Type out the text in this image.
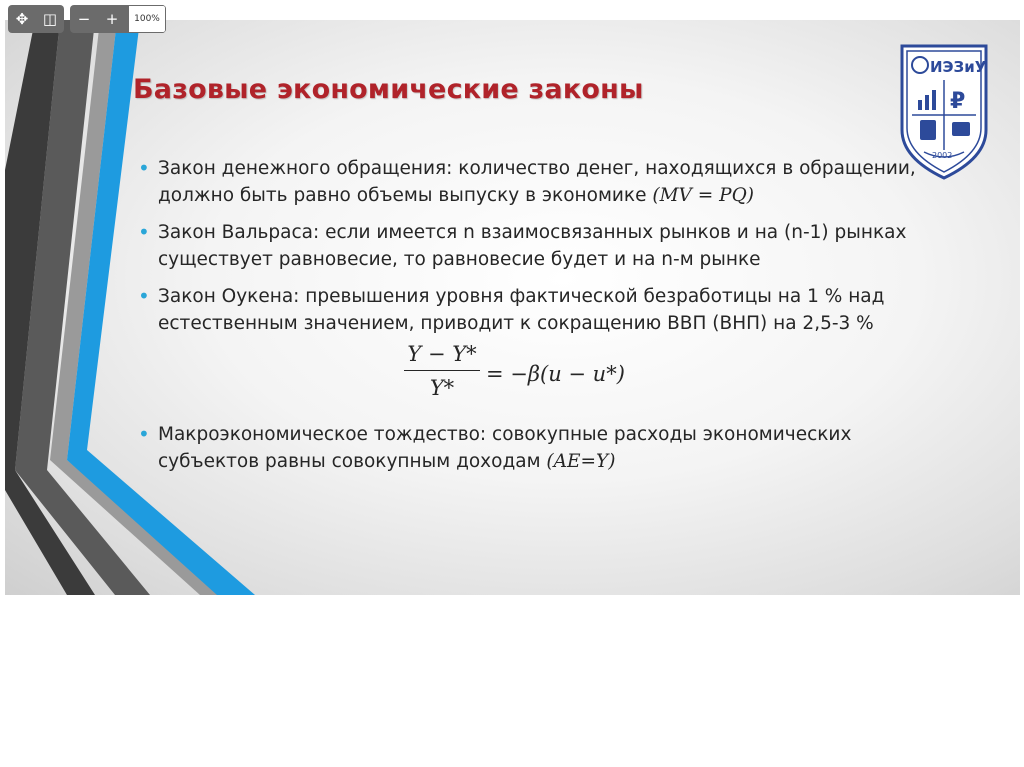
ИЭЗиУ
₽
2002
✥ ◫	−	+	100%
Базовые экономические законы
• Закон денежного обращения: количество денег, находящихся в обращении, должно быть равно объемы выпуску в экономике (MV = PQ)
• Закон Вальраса: если имеется n взаимосвязанных рынков и на (n-1) рынках существует равновесие, то равновесие будет и на n-м рынке
• Закон Оукена: превышения уровня фактической безработицы на 1 % над естественным значением, приводит к сокращению ВВП (ВНП) на 2,5-3 %
Y − Y*
Y*
= −β(u − u*)
• Макроэкономическое тождество: совокупные расходы экономических субъектов равны совокупным доходам (AE=Y)
